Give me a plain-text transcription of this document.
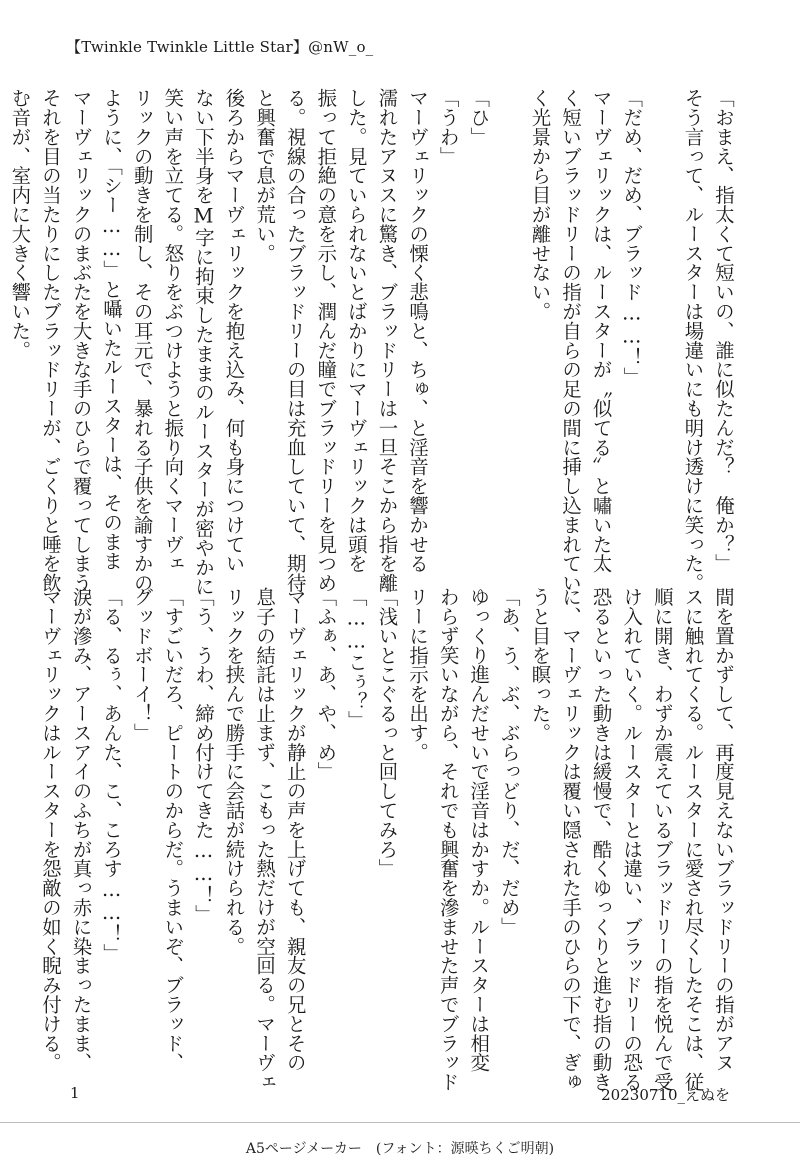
【Twinkle Twinkle Little Star】@nW_o_
「おまえ、指太くて短いの、誰に似たんだ？　俺か？」
そう言って、ルースターは場違いにも明け透けに笑った。

「だめ、だめ、ブラッド……！」
マーヴェリックは、ルースターが〝似てる〟と嘯いた太
く短いブラッドリーの指が自らの足の間に挿し込まれてい
く光景から目が離せない。

「ひ」
「うわ」
マーヴェリックの慄く悲鳴と、ちゅ、と淫音を響かせる
濡れたアヌスに驚き、ブラッドリーは一旦そこから指を離
した。見ていられないとばかりにマーヴェリックは頭を
振って拒絶の意を示し、潤んだ瞳でブラッドリーを見つめ
る。視線の合ったブラッドリーの目は充血していて、期待
と興奮で息が荒い。
後ろからマーヴェリックを抱え込み、何も身につけてい
ない下半身をM字に拘束したままのルースターが密やかに
笑い声を立てる。怒りをぶつけようと振り向くマーヴェ
リックの動きを制し、その耳元で、暴れる子供を諭すかの
ように、「シー……」と囁いたルースターは、そのまま
マーヴェリックのまぶたを大きな手のひらで覆ってしまう。
それを目の当たりにしたブラッドリーが、ごくりと唾を飲
む音が、室内に大きく響いた。
間を置かずして、再度見えないブラッドリーの指がアヌ
スに触れてくる。ルースターに愛され尽くしたそこは、従
順に開き、わずか震えているブラッドリーの指を悦んで受
け入れていく。ルースターとは違い、ブラッドリーの恐る
恐るといった動きは緩慢で、酷くゆっくりと進む指の動き
に、マーヴェリックは覆い隠された手のひらの下で、ぎゅ
うと目を瞑った。
「あ、う、ぶ、ぶらっどり、だ、だめ」
ゆっくり進んだせいで淫音はかすか。ルースターは相変
わらず笑いながら、それでも興奮を滲ませた声でブラッド
リーに指示を出す。
「浅いとこぐるっと回してみろ」
「……こぅ？」
「ふぁ、あ、や、め」
マーヴェリックが静止の声を上げても、親友の兄とその
息子の結託は止まず、こもった熱だけが空回る。マーヴェ
リックを挟んで勝手に会話が続けられる。
「う、うわ、締め付けてきた……！」
「すごいだろ、ピートのからだ。うまいぞ、ブラッド、
グッドボーイ！」
「る、るぅ、あんた、こ、ころす……！」
涙が滲み、アースアイのふちが真っ赤に染まったまま、
マーヴェリックはルースターを怨敵の如く睨み付ける。
1	20230710_えぬを
A5ページメーカー　(フォント：源暎ちくご明朝)
